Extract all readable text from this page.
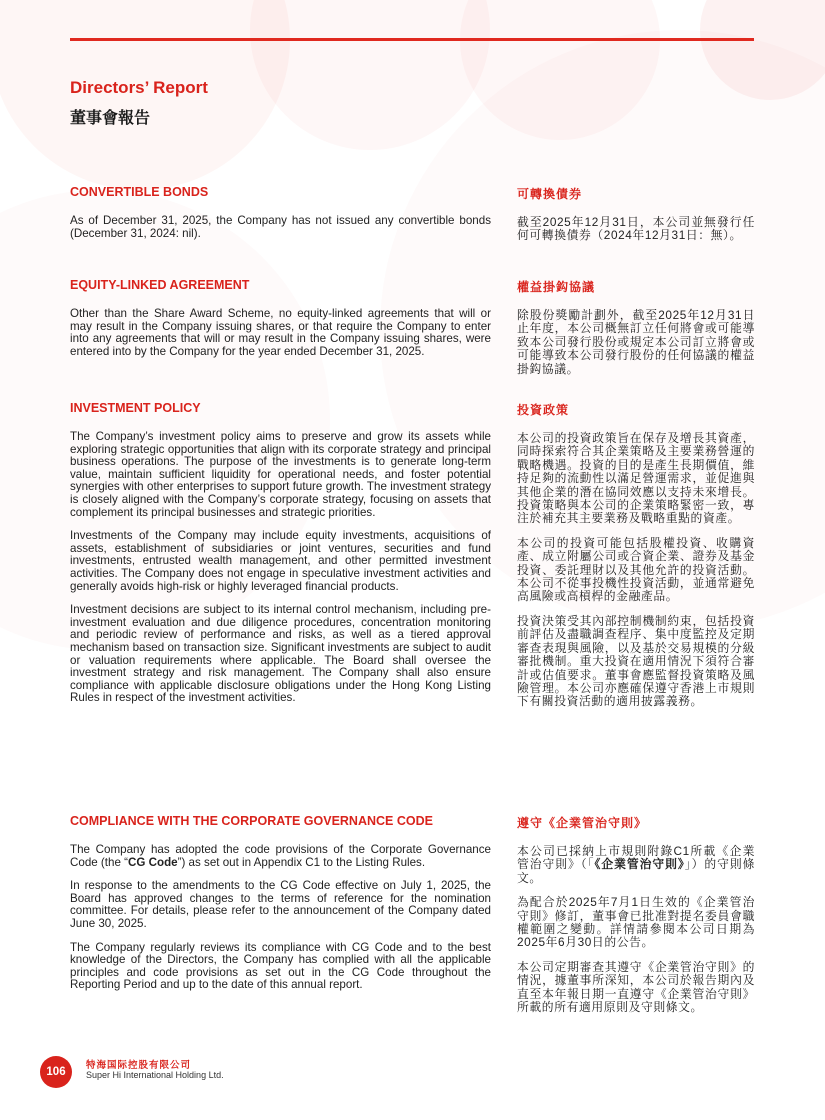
Directors’ Report
董事會報告

CONVERTIBLE BONDS

As of December 31, 2025, the Company has not issued any convertible bonds (December 31, 2024: nil).

EQUITY-LINKED AGREEMENT

Other than the Share Award Scheme, no equity-linked agreements that will or may result in the Company issuing shares, or that require the Company to enter into any agreements that will or may result in the Company issuing shares, were entered into by the Company for the year ended December 31, 2025.

INVESTMENT POLICY

The Company’s investment policy aims to preserve and grow its assets while exploring strategic opportunities that align with its corporate strategy and principal business operations. The purpose of the investments is to generate long-term value, maintain sufficient liquidity for operational needs, and foster potential synergies with other enterprises to support future growth. The investment strategy is closely aligned with the Company’s corporate strategy, focusing on assets that complement its principal businesses and strategic priorities.

Investments of the Company may include equity investments, acquisitions of assets, establishment of subsidiaries or joint ventures, securities and fund investments, entrusted wealth management, and other permitted investment activities. The Company does not engage in speculative investment activities and generally avoids high-risk or highly leveraged financial products.

Investment decisions are subject to its internal control mechanism, including pre-investment evaluation and due diligence procedures, concentration monitoring and periodic review of performance and risks, as well as a tiered approval mechanism based on transaction size. Significant investments are subject to audit or valuation requirements where applicable. The Board shall oversee the investment strategy and risk management. The Company shall also ensure compliance with applicable disclosure obligations under the Hong Kong Listing Rules in respect of the investment activities.

COMPLIANCE WITH THE CORPORATE GOVERNANCE CODE

The Company has adopted the code provisions of the Corporate Governance Code (the “CG Code”) as set out in Appendix C1 to the Listing Rules.

In response to the amendments to the CG Code effective on July 1, 2025, the Board has approved changes to the terms of reference for the nomination committee. For details, please refer to the announcement of the Company dated June 30, 2025.

The Company regularly reviews its compliance with CG Code and to the best knowledge of the Directors, the Company has complied with all the applicable principles and code provisions as set out in the CG Code throughout the Reporting Period and up to the date of this annual report.

可轉換債券

截至2025年12月31日，本公司並無發行任何可轉換債券（2024年12月31日：無）。

權益掛鈎協議

除股份獎勵計劃外，截至2025年12月31日止年度，本公司概無訂立任何將會或可能導致本公司發行股份或規定本公司訂立將會或可能導致本公司發行股份的任何協議的權益掛鈎協議。

投資政策

本公司的投資政策旨在保存及增長其資產，同時探索符合其企業策略及主要業務營運的戰略機遇。投資的目的是產生長期價值，維持足夠的流動性以滿足營運需求，並促進與其他企業的潛在協同效應以支持未來增長。投資策略與本公司的企業策略緊密一致，專注於補充其主要業務及戰略重點的資產。

本公司的投資可能包括股權投資、收購資產、成立附屬公司或合資企業、證券及基金投資、委託理財以及其他允許的投資活動。本公司不從事投機性投資活動，並通常避免高風險或高槓桿的金融產品。

投資決策受其內部控制機制約束，包括投資前評估及盡職調查程序、集中度監控及定期審查表現與風險，以及基於交易規模的分級審批機制。重大投資在適用情況下須符合審計或估值要求。董事會應監督投資策略及風險管理。本公司亦應確保遵守香港上市規則下有關投資活動的適用披露義務。

遵守《企業管治守則》

本公司已採納上市規則附錄C1所載《企業管治守則》（「《企業管治守則》」）的守則條文。

為配合於2025年7月1日生效的《企業管治守則》修訂，董事會已批准對提名委員會職權範圍之變動。詳情請參閱本公司日期為2025年6月30日的公告。

本公司定期審查其遵守《企業管治守則》的情況，據董事所深知，本公司於報告期內及直至本年報日期一直遵守《企業管治守則》所載的所有適用原則及守則條文。

106
特海国际控股有限公司
Super Hi International Holding Ltd.
